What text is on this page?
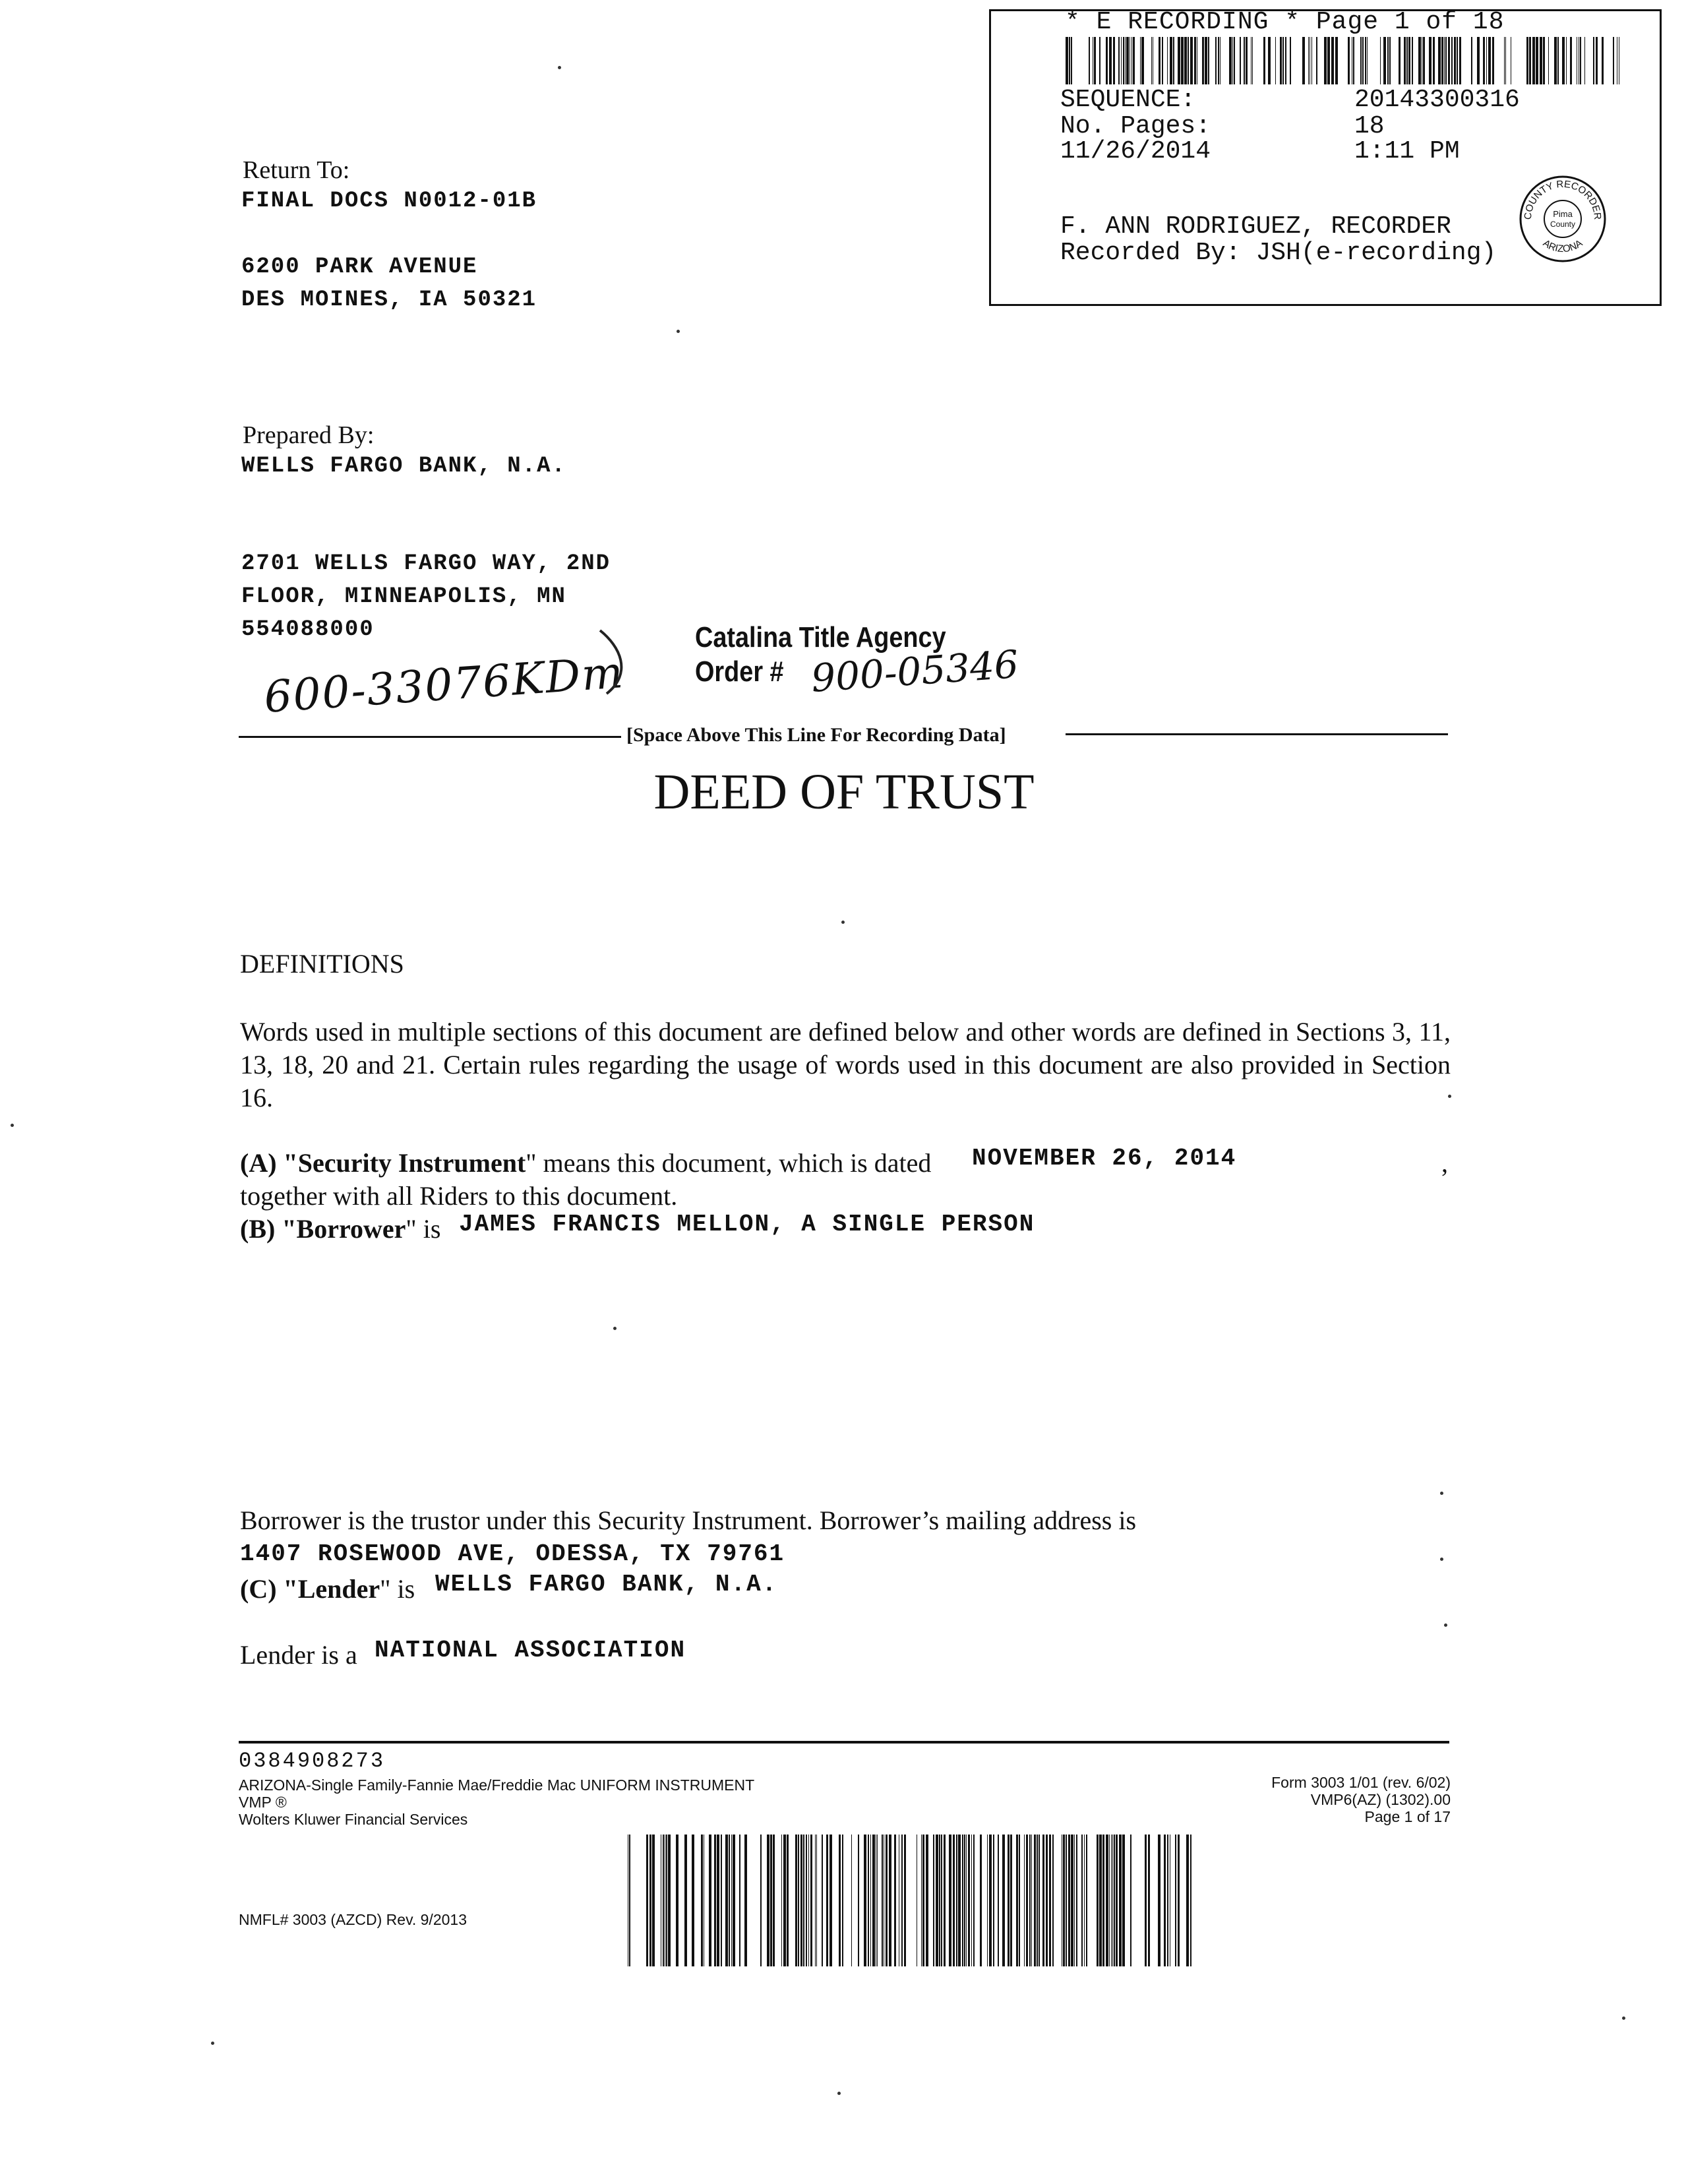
* E RECORDING * Page 1 of 18
SEQUENCE:	20143300316
No. Pages:	18
11/26/2014	1:11 PM
F. ANN RODRIGUEZ, RECORDER
Recorded By: JSH(e-recording)
COUNTY RECORDER
ARIZONA
Pima
County
Return To:
FINAL DOCS N0012-01B
6200 PARK AVENUE
DES MOINES, IA 50321
Prepared By:
WELLS FARGO BANK, N.A.
2701 WELLS FARGO WAY, 2ND
FLOOR, MINNEAPOLIS, MN
554088000
600-33076KDm
Catalina Title Agency
Order # 900-05346
[Space Above This Line For Recording Data]
DEED OF TRUST
DEFINITIONS
Words used in multiple sections of this document are defined below and other words are defined in Sections 3, 11, 13, 18, 20 and 21. Certain rules regarding the usage of words used in this document are also provided in Section 16.
(A) "Security Instrument" means this document, which is dated NOVEMBER 26, 2014	,
together with all Riders to this document.
(B) "Borrower" is JAMES FRANCIS MELLON, A SINGLE PERSON
Borrower is the trustor under this Security Instrument. Borrower’s mailing address is
1407 ROSEWOOD AVE, ODESSA, TX 79761
(C) "Lender" is WELLS FARGO BANK, N.A.
Lender is a NATIONAL ASSOCIATION
0384908273
ARIZONA-Single Family-Fannie Mae/Freddie Mac UNIFORM INSTRUMENT
VMP ®
Wolters Kluwer Financial Services
Form 3003 1/01 (rev. 6/02)
VMP6(AZ) (1302).00
Page 1 of 17
NMFL# 3003 (AZCD) Rev. 9/2013
